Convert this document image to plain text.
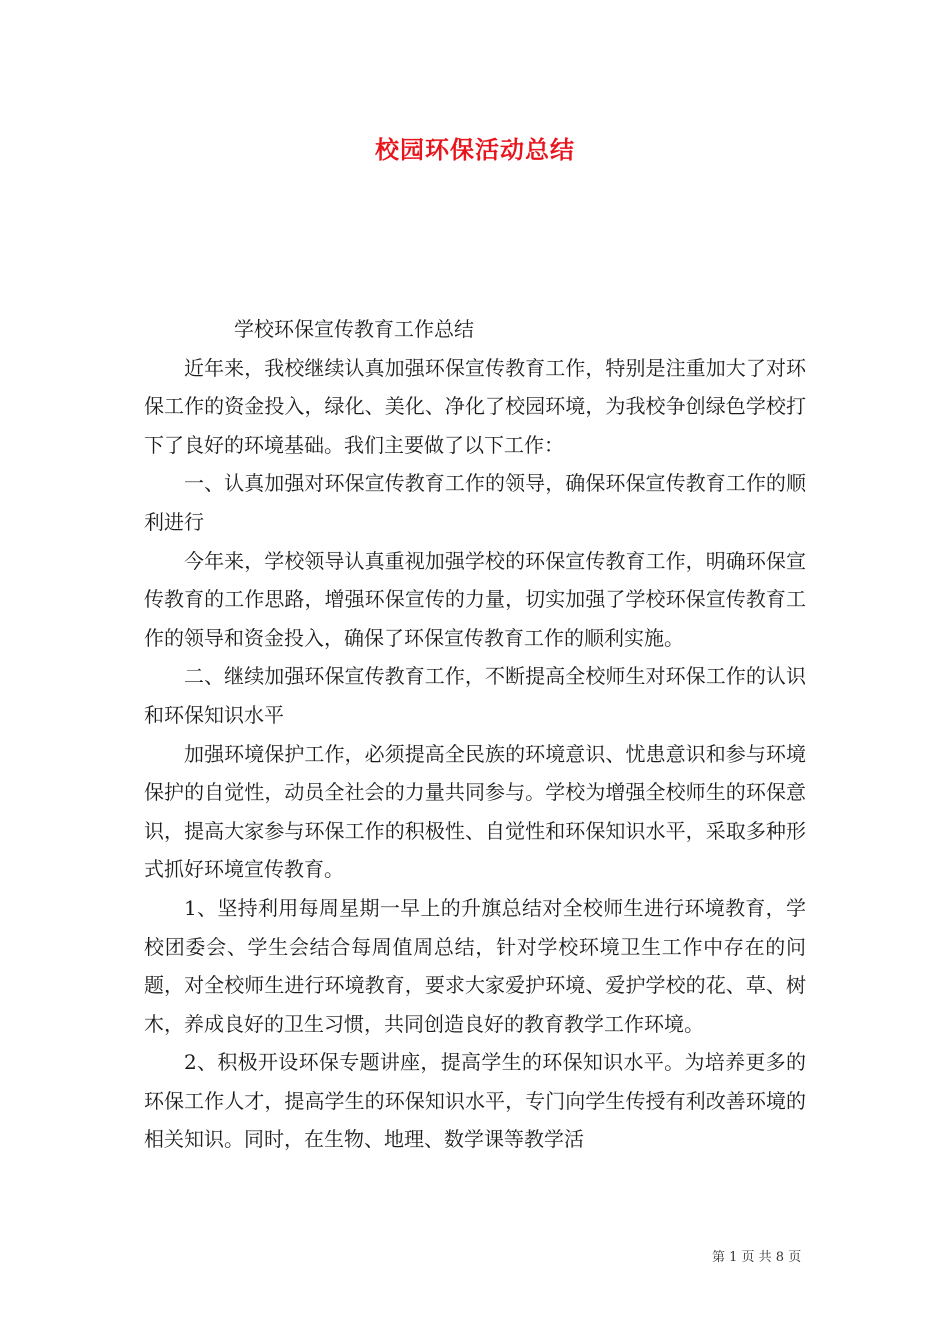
校园环保活动总结

学校环保宣传教育工作总结

近年来，我校继续认真加强环保宣传教育工作，特别是注重加大了对环保工作的资金投入，绿化、美化、净化了校园环境，为我校争创绿色学校打下了良好的环境基础。我们主要做了以下工作：

一、认真加强对环保宣传教育工作的领导，确保环保宣传教育工作的顺利进行

今年来，学校领导认真重视加强学校的环保宣传教育工作，明确环保宣传教育的工作思路，增强环保宣传的力量，切实加强了学校环保宣传教育工作的领导和资金投入，确保了环保宣传教育工作的顺利实施。

二、继续加强环保宣传教育工作，不断提高全校师生对环保工作的认识和环保知识水平

加强环境保护工作，必须提高全民族的环境意识、忧患意识和参与环境保护的自觉性，动员全社会的力量共同参与。学校为增强全校师生的环保意识，提高大家参与环保工作的积极性、自觉性和环保知识水平，采取多种形式抓好环境宣传教育。

1、坚持利用每周星期一早上的升旗总结对全校师生进行环境教育，学校团委会、学生会结合每周值周总结，针对学校环境卫生工作中存在的问题，对全校师生进行环境教育，要求大家爱护环境、爱护学校的花、草、树木，养成良好的卫生习惯，共同创造良好的教育教学工作环境。

2、积极开设环保专题讲座，提高学生的环保知识水平。为培养更多的环保工作人才，提高学生的环保知识水平，专门向学生传授有利改善环境的相关知识。同时，在生物、地理、数学课等教学活

第 1 页 共 8 页
